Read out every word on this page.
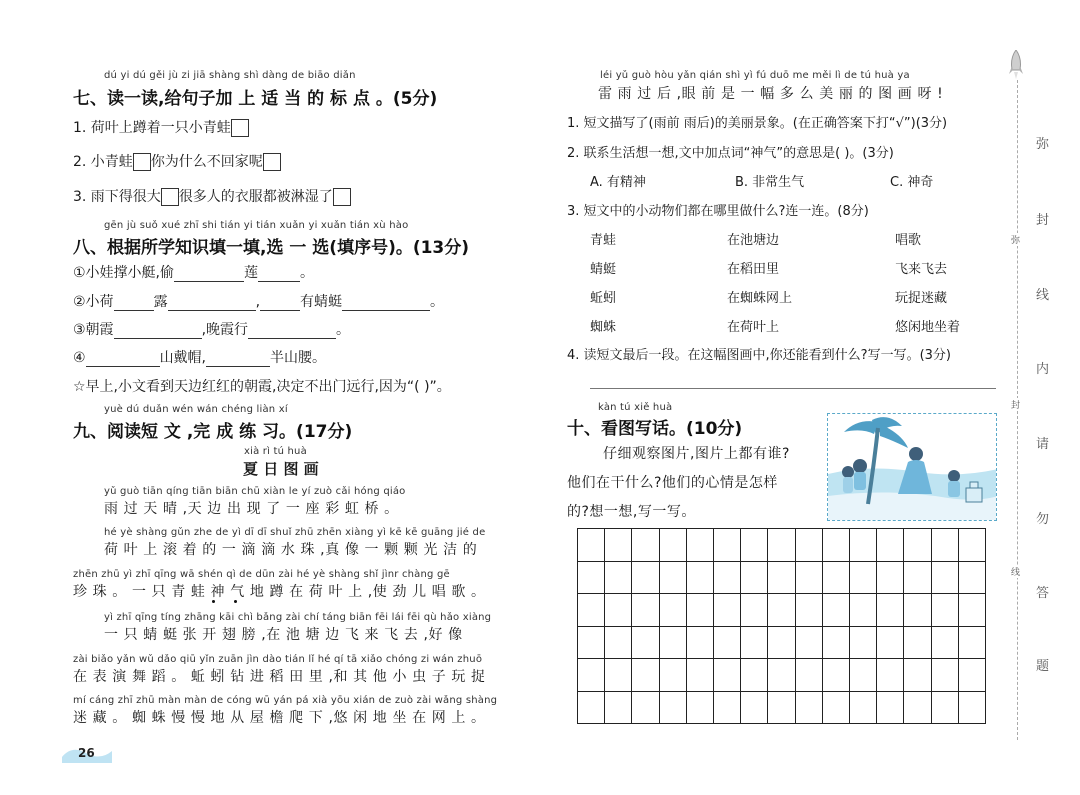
dú yi dú gěi jù zi jiā shàng shì dàng de biāo diǎn
七、读一读,给句子加 上 适 当 的 标 点 。(5分)
1. 荷叶上蹲着一只小青蛙
2. 小青蛙 你为什么不回家呢
3. 雨下得很大 很多人的衣服都被淋湿了
gēn jù suǒ xué zhī shi tián yi tián xuǎn yi xuǎn tián xù hào
八、根据所学知识填一填,选 一 选(填序号)。(13分)
①小娃撑小艇,偷	莲	。
②小荷	露	,	有蜻蜓	。
③朝霞	,晚霞行	。
④	山戴帽,	半山腰。
☆早上,小文看到天边红红的朝霞,决定不出门远行,因为“( )”。
yuè dú duǎn wén wán chéng liàn xí
九、阅读短 文 ,完 成 练 习。(17分)
xià rì tú huà
夏 日 图 画
yǔ guò tiān qíng tiān biān chū xiàn le yí zuò cǎi hóng qiáo
雨 过 天 晴 ,天 边 出 现 了 一 座 彩 虹 桥 。
hé yè shàng gǔn zhe de yì dī dī shuǐ zhū zhēn xiàng yì kē kē guāng jié de
荷 叶 上 滚 着 的 一 滴 滴 水 珠 ,真 像 一 颗 颗 光 洁 的
zhēn zhū yì zhī qīng wā shén qì de dūn zài hé yè shàng shǐ jìnr chàng gē
珍 珠 。 一 只 青 蛙 神 气 地 蹲 在 荷 叶 上 ,使 劲 儿 唱 歌 。
yì zhī qīng tíng zhāng kāi chì bǎng zài chí táng biān fēi lái fēi qù hǎo xiàng
一 只 蜻 蜓 张 开 翅 膀 ,在 池 塘 边 飞 来 飞 去 ,好 像
zài biǎo yǎn wǔ dǎo qiū yǐn zuān jìn dào tián lǐ hé qí tā xiǎo chóng zi wán zhuō
在 表 演 舞 蹈 。 蚯 蚓 钻 进 稻 田 里 ,和 其 他 小 虫 子 玩 捉
mí cáng zhī zhū màn màn de cóng wū yán pá xià yōu xián de zuò zài wǎng shàng
迷 藏 。 蜘 蛛 慢 慢 地 从 屋 檐 爬 下 ,悠 闲 地 坐 在 网 上 。
26
léi yǔ guò hòu yǎn qián shì yì fú duō me měi lì de tú huà ya
雷 雨 过 后 ,眼 前 是 一 幅 多 么 美 丽 的 图 画 呀 !
1. 短文描写了(雨前 雨后)的美丽景象。(在正确答案下打“√”)(3分)
2. 联系生活想一想,文中加点词“神气”的意思是( )。(3分)
A. 有精神	B. 非常生气	C. 神奇
3. 短文中的小动物们都在哪里做什么?连一连。(8分)
青蛙	在池塘边	唱歌
蜻蜓	在稻田里	飞来飞去
蚯蚓	在蜘蛛网上	玩捉迷藏
蜘蛛	在荷叶上	悠闲地坐着
4. 读短文最后一段。在这幅图画中,你还能看到什么?写一写。(3分)
kàn tú xiě huà
十、看图写话。(10分)
仔细观察图片,图片上都有谁?
他们在干什么?他们的心情是怎样
的?想一想,写一写。
弥
封
线
内
请
勿
答
题
弥
封
线
